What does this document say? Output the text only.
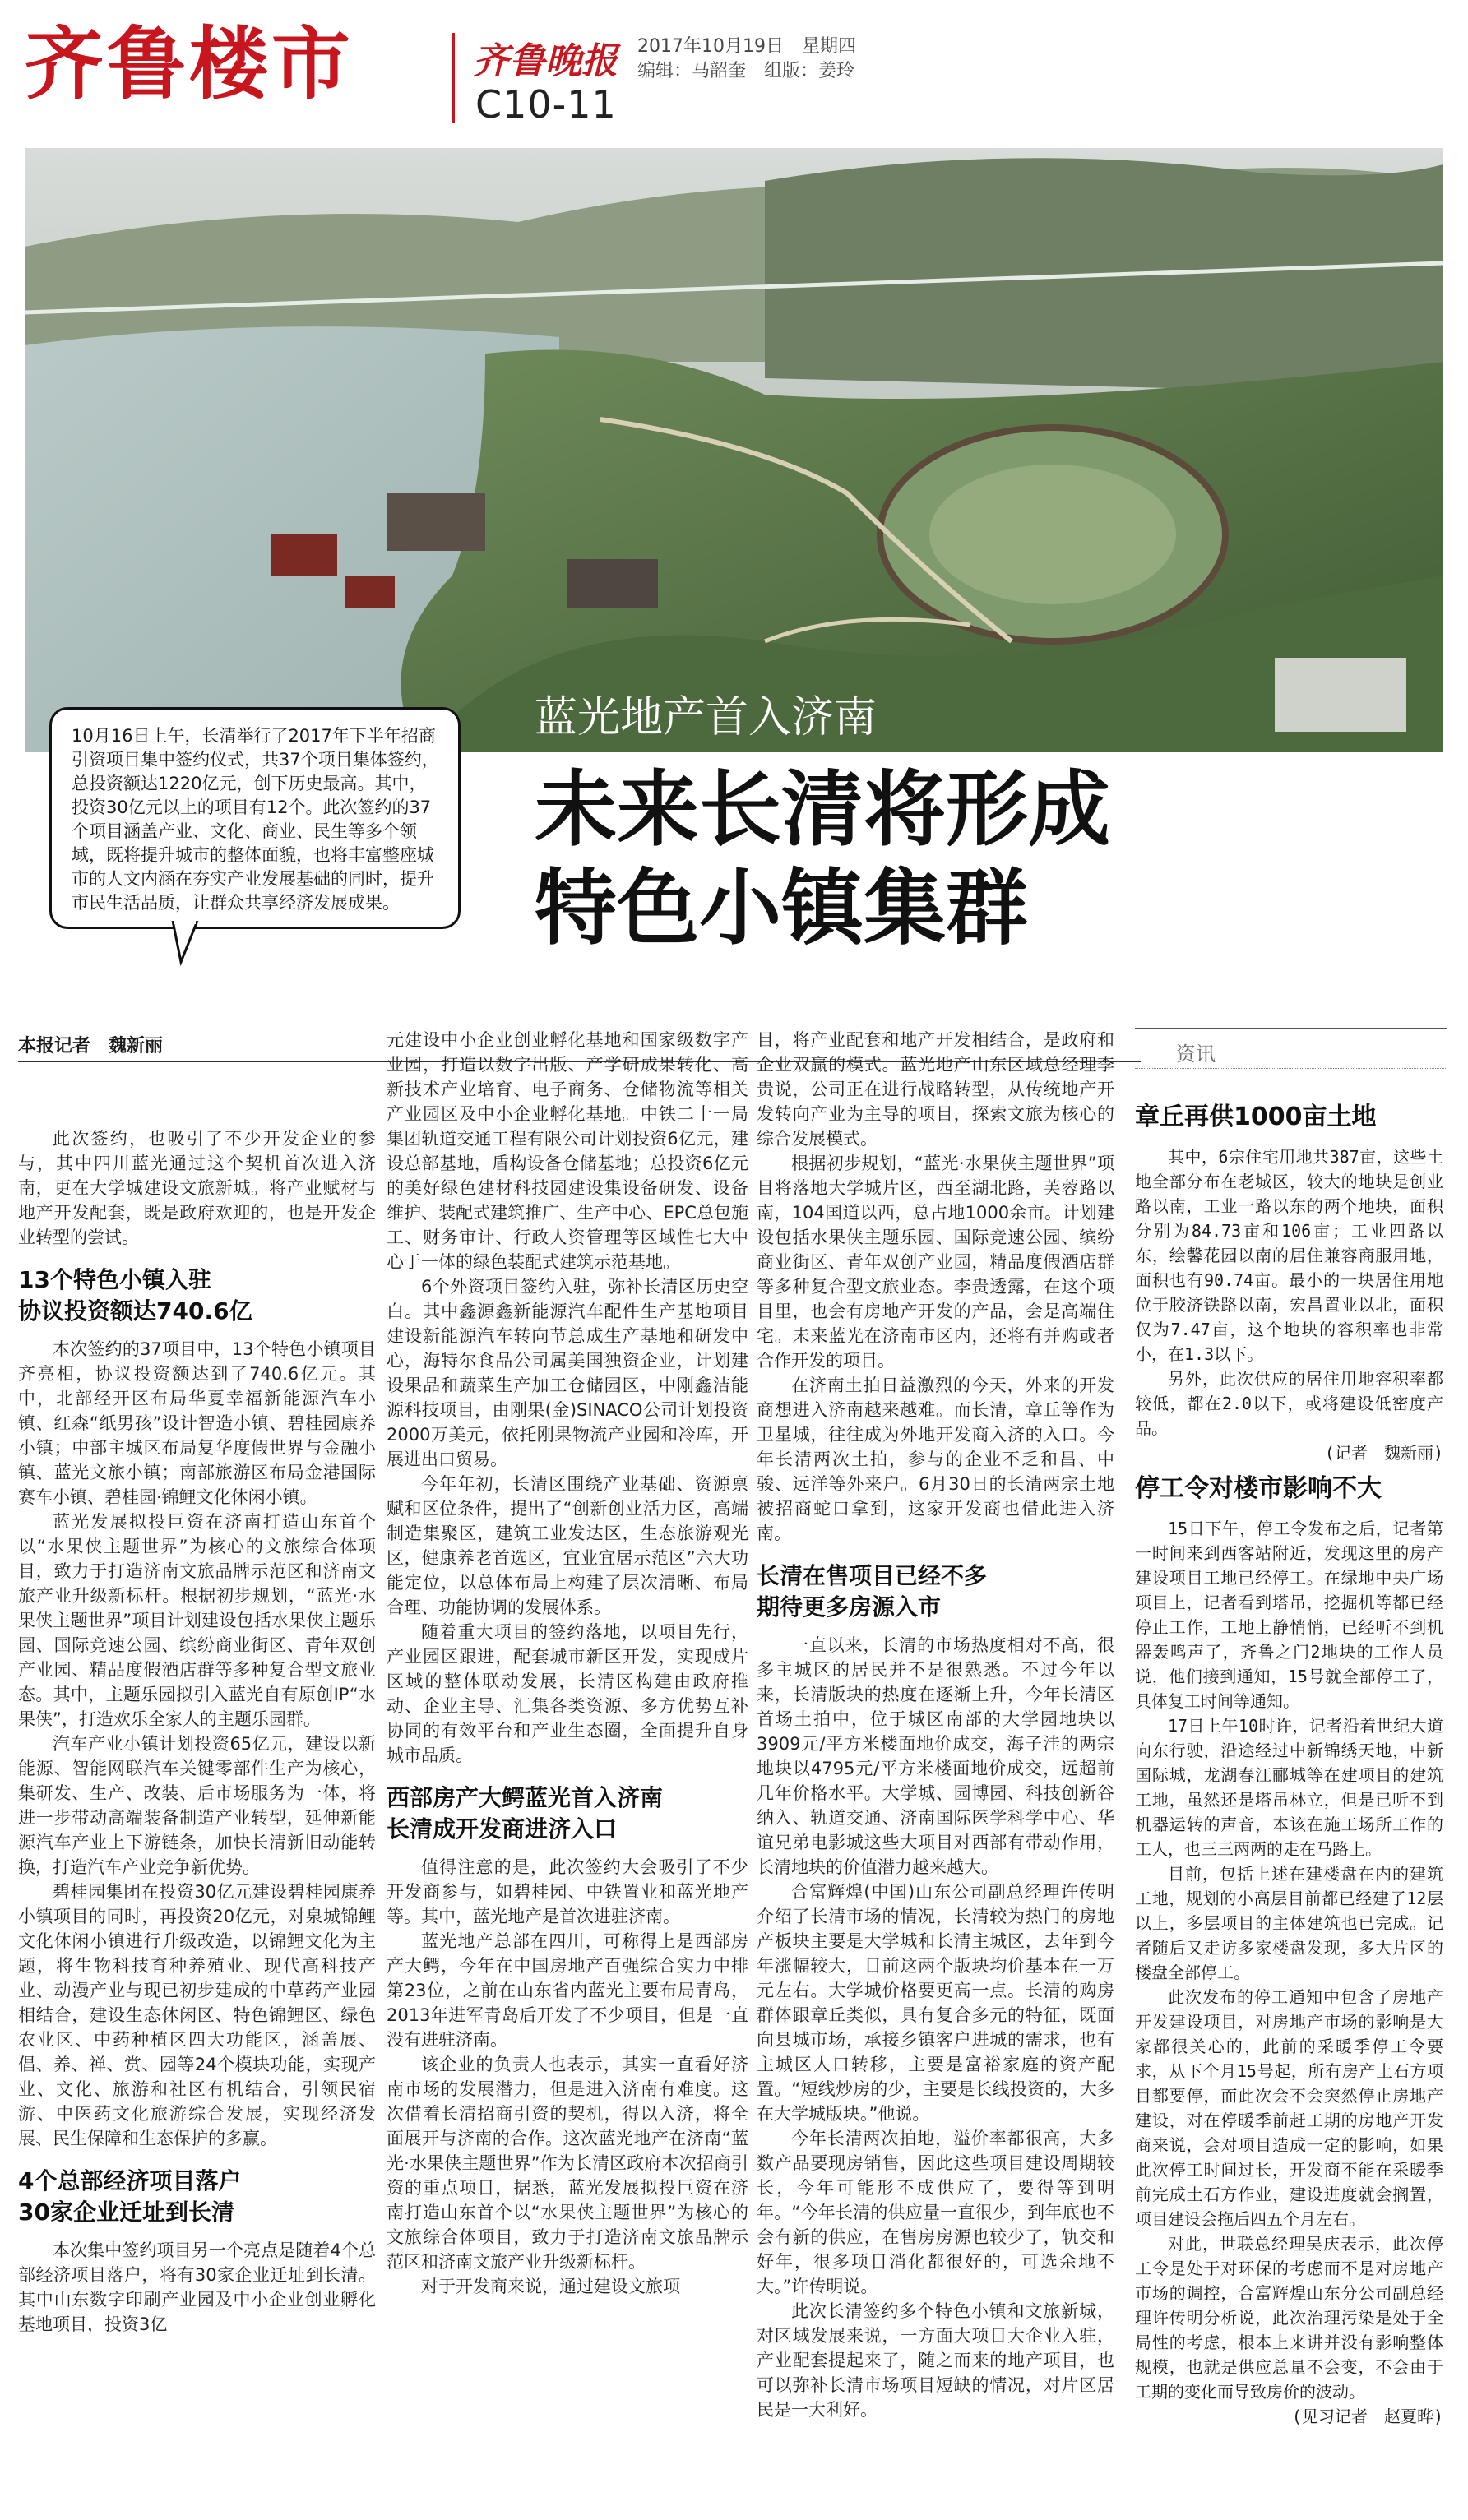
齐鲁楼市	齐鲁晚报 2017年10月19日 星期四
编辑：马韶奎 组版：姜玲
C10-11
蓝光地产首入济南
未来长清将形成
特色小镇集群
10月16日上午，长清举行了2017年下半年招商引资项目集中签约仪式，共37个项目集体签约，总投资额达1220亿元，创下历史最高。其中，投资30亿元以上的项目有12个。此次签约的37个项目涵盖产业、文化、商业、民生等多个领域，既将提升城市的整体面貌，也将丰富整座城市的人文内涵在夯实产业发展基础的同时，提升市民生活品质，让群众共享经济发展成果。
本报记者　魏新丽

此次签约，也吸引了不少开发企业的参与，其中四川蓝光通过这个契机首次进入济南，更在大学城建设文旅新城。将产业赋材与地产开发配套，既是政府欢迎的，也是开发企业转型的尝试。

13个特色小镇入驻
协议投资额达740.6亿

本次签约的37项目中，13个特色小镇项目齐亮相，协议投资额达到了740.6亿元。其中，北部经开区布局华夏幸福新能源汽车小镇、红森“纸男孩”设计智造小镇、碧桂园康养小镇；中部主城区布局复华度假世界与金融小镇、蓝光文旅小镇；南部旅游区布局金港国际赛车小镇、碧桂园·锦鲤文化休闲小镇。

蓝光发展拟投巨资在济南打造山东首个以“水果侠主题世界”为核心的文旅综合体项目，致力于打造济南文旅品牌示范区和济南文旅产业升级新标杆。根据初步规划，“蓝光·水果侠主题世界”项目计划建设包括水果侠主题乐园、国际竞速公园、缤纷商业街区、青年双创产业园、精品度假酒店群等多种复合型文旅业态。其中，主题乐园拟引入蓝光自有原创IP“水果侠”，打造欢乐全家人的主题乐园群。

汽车产业小镇计划投资65亿元，建设以新能源、智能网联汽车关键零部件生产为核心，集研发、生产、改装、后市场服务为一体，将进一步带动高端装备制造产业转型，延伸新能源汽车产业上下游链条，加快长清新旧动能转换，打造汽车产业竞争新优势。

碧桂园集团在投资30亿元建设碧桂园康养小镇项目的同时，再投资20亿元，对泉城锦鲤文化休闲小镇进行升级改造，以锦鲤文化为主题，将生物科技育种养殖业、现代高科技产业、动漫产业与现已初步建成的中草药产业园相结合，建设生态休闲区、特色锦鲤区、绿色农业区、中药种植区四大功能区，涵盖展、倡、养、禅、赏、园等24个模块功能，实现产业、文化、旅游和社区有机结合，引领民宿游、中医药文化旅游综合发展，实现经济发展、民生保障和生态保护的多赢。

4个总部经济项目落户
30家企业迁址到长清

本次集中签约项目另一个亮点是随着4个总部经济项目落户，将有30家企业迁址到长清。其中山东数字印刷产业园及中小企业创业孵化基地项目，投资3亿

元建设中小企业创业孵化基地和国家级数字产业园，打造以数字出版、产学研成果转化、高新技术产业培育、电子商务、仓储物流等相关产业园区及中小企业孵化基地。中铁二十一局集团轨道交通工程有限公司计划投资6亿元，建设总部基地，盾构设备仓储基地；总投资6亿元的美好绿色建材科技园建设集设备研发、设备维护、装配式建筑推广、生产中心、EPC总包施工、财务审计、行政人资管理等区域性七大中心于一体的绿色装配式建筑示范基地。

6个外资项目签约入驻，弥补长清区历史空白。其中鑫源鑫新能源汽车配件生产基地项目建设新能源汽车转向节总成生产基地和研发中心，海特尔食品公司属美国独资企业，计划建设果品和蔬菜生产加工仓储园区，中刚鑫洁能源科技项目，由刚果(金)SINACO公司计划投资2000万美元，依托刚果物流产业园和冷库，开展进出口贸易。

今年年初，长清区围绕产业基础、资源禀赋和区位条件，提出了“创新创业活力区，高端制造集聚区，建筑工业发达区，生态旅游观光区，健康养老首选区，宜业宜居示范区”六大功能定位，以总体布局上构建了层次清晰、布局合理、功能协调的发展体系。

随着重大项目的签约落地，以项目先行，产业园区跟进，配套城市新区开发，实现成片区域的整体联动发展，长清区构建由政府推动、企业主导、汇集各类资源、多方优势互补协同的有效平台和产业生态圈，全面提升自身城市品质。

西部房产大鳄蓝光首入济南
长清成开发商进济入口

值得注意的是，此次签约大会吸引了不少开发商参与，如碧桂园、中铁置业和蓝光地产等。其中，蓝光地产是首次进驻济南。

蓝光地产总部在四川，可称得上是西部房产大鳄，今年在中国房地产百强综合实力中排第23位，之前在山东省内蓝光主要布局青岛，2013年进军青岛后开发了不少项目，但是一直没有进驻济南。

该企业的负责人也表示，其实一直看好济南市场的发展潜力，但是进入济南有难度。这次借着长清招商引资的契机，得以入济，将全面展开与济南的合作。这次蓝光地产在济南“蓝光·水果侠主题世界”作为长清区政府本次招商引资的重点项目，据悉，蓝光发展拟投巨资在济南打造山东首个以“水果侠主题世界”为核心的文旅综合体项目，致力于打造济南文旅品牌示范区和济南文旅产业升级新标杆。

对于开发商来说，通过建设文旅项

目，将产业配套和地产开发相结合，是政府和企业双赢的模式。蓝光地产山东区域总经理李贵说，公司正在进行战略转型，从传统地产开发转向产业为主导的项目，探索文旅为核心的综合发展模式。

根据初步规划，“蓝光·水果侠主题世界”项目将落地大学城片区，西至湖北路，芙蓉路以南，104国道以西，总占地1000余亩。计划建设包括水果侠主题乐园、国际竞速公园、缤纷商业街区、青年双创产业园，精品度假酒店群等多种复合型文旅业态。李贵透露，在这个项目里，也会有房地产开发的产品，会是高端住宅。未来蓝光在济南市区内，还将有并购或者合作开发的项目。

在济南土拍日益激烈的今天，外来的开发商想进入济南越来越难。而长清，章丘等作为卫星城，往往成为外地开发商入济的入口。今年长清两次土拍，参与的企业不乏和昌、中骏、远洋等外来户。6月30日的长清两宗土地被招商蛇口拿到，这家开发商也借此进入济南。

长清在售项目已经不多
期待更多房源入市

一直以来，长清的市场热度相对不高，很多主城区的居民并不是很熟悉。不过今年以来，长清版块的热度在逐渐上升，今年长清区首场土拍中，位于城区南部的大学园地块以3909元/平方米楼面地价成交，海子洼的两宗地块以4795元/平方米楼面地价成交，远超前几年价格水平。大学城、园博园、科技创新谷纳入、轨道交通、济南国际医学科学中心、华谊兄弟电影城这些大项目对西部有带动作用，长清地块的价值潜力越来越大。

合富辉煌(中国)山东公司副总经理许传明介绍了长清市场的情况，长清较为热门的房地产板块主要是大学城和长清主城区，去年到今年涨幅较大，目前这两个版块均价基本在一万元左右。大学城价格要更高一点。长清的购房群体跟章丘类似，具有复合多元的特征，既面向县城市场，承接乡镇客户进城的需求，也有主城区人口转移，主要是富裕家庭的资产配置。“短线炒房的少，主要是长线投资的，大多在大学城版块。”他说。

今年长清两次拍地，溢价率都很高，大多数产品要现房销售，因此这些项目建设周期较长，今年可能形不成供应了，要得等到明年。“今年长清的供应量一直很少，到年底也不会有新的供应，在售房房源也较少了，轨交和好年，很多项目消化都很好的，可选余地不大。”许传明说。

此次长清签约多个特色小镇和文旅新城，对区域发展来说，一方面大项目大企业入驻，产业配套提起来了，随之而来的地产项目，也可以弥补长清市场项目短缺的情况，对片区居民是一大利好。

资讯
章丘再供1000亩土地

其中，6宗住宅用地共387亩，这些土地全部分布在老城区，较大的地块是创业路以南，工业一路以东的两个地块，面积分别为84.73亩和106亩；工业四路以东，绘馨花园以南的居住兼容商服用地，面积也有90.74亩。最小的一块居住用地位于胶济铁路以南，宏昌置业以北，面积仅为7.47亩，这个地块的容积率也非常小，在1.3以下。

另外，此次供应的居住用地容积率都较低，都在2.0以下，或将建设低密度产品。

(记者　魏新丽)
停工令对楼市影响不大

15日下午，停工令发布之后，记者第一时间来到西客站附近，发现这里的房产建设项目工地已经停工。在绿地中央广场项目上，记者看到塔吊，挖掘机等都已经停止工作，工地上静悄悄，已经听不到机器轰鸣声了，齐鲁之门2地块的工作人员说，他们接到通知，15号就全部停工了，具体复工时间等通知。

17日上午10时许，记者沿着世纪大道向东行驶，沿途经过中新锦绣天地，中新国际城，龙湖春江郦城等在建项目的建筑工地，虽然还是塔吊林立，但是已听不到机器运转的声音，本该在施工场所工作的工人，也三三两两的走在马路上。

目前，包括上述在建楼盘在内的建筑工地，规划的小高层目前都已经建了12层以上，多层项目的主体建筑也已完成。记者随后又走访多家楼盘发现，多大片区的楼盘全部停工。

此次发布的停工通知中包含了房地产开发建设项目，对房地产市场的影响是大家都很关心的，此前的采暖季停工令要求，从下个月15号起，所有房产土石方项目都要停，而此次会不会突然停止房地产建设，对在停暖季前赶工期的房地产开发商来说，会对项目造成一定的影响，如果此次停工时间过长，开发商不能在采暖季前完成土石方作业，建设进度就会搁置，项目建设会拖后四五个月左右。

对此，世联总经理吴庆表示，此次停工令是处于对环保的考虑而不是对房地产市场的调控，合富辉煌山东分公司副总经理许传明分析说，此次治理污染是处于全局性的考虑，根本上来讲并没有影响整体规模，也就是供应总量不会变，不会由于工期的变化而导致房价的波动。

(见习记者　赵夏晔)
